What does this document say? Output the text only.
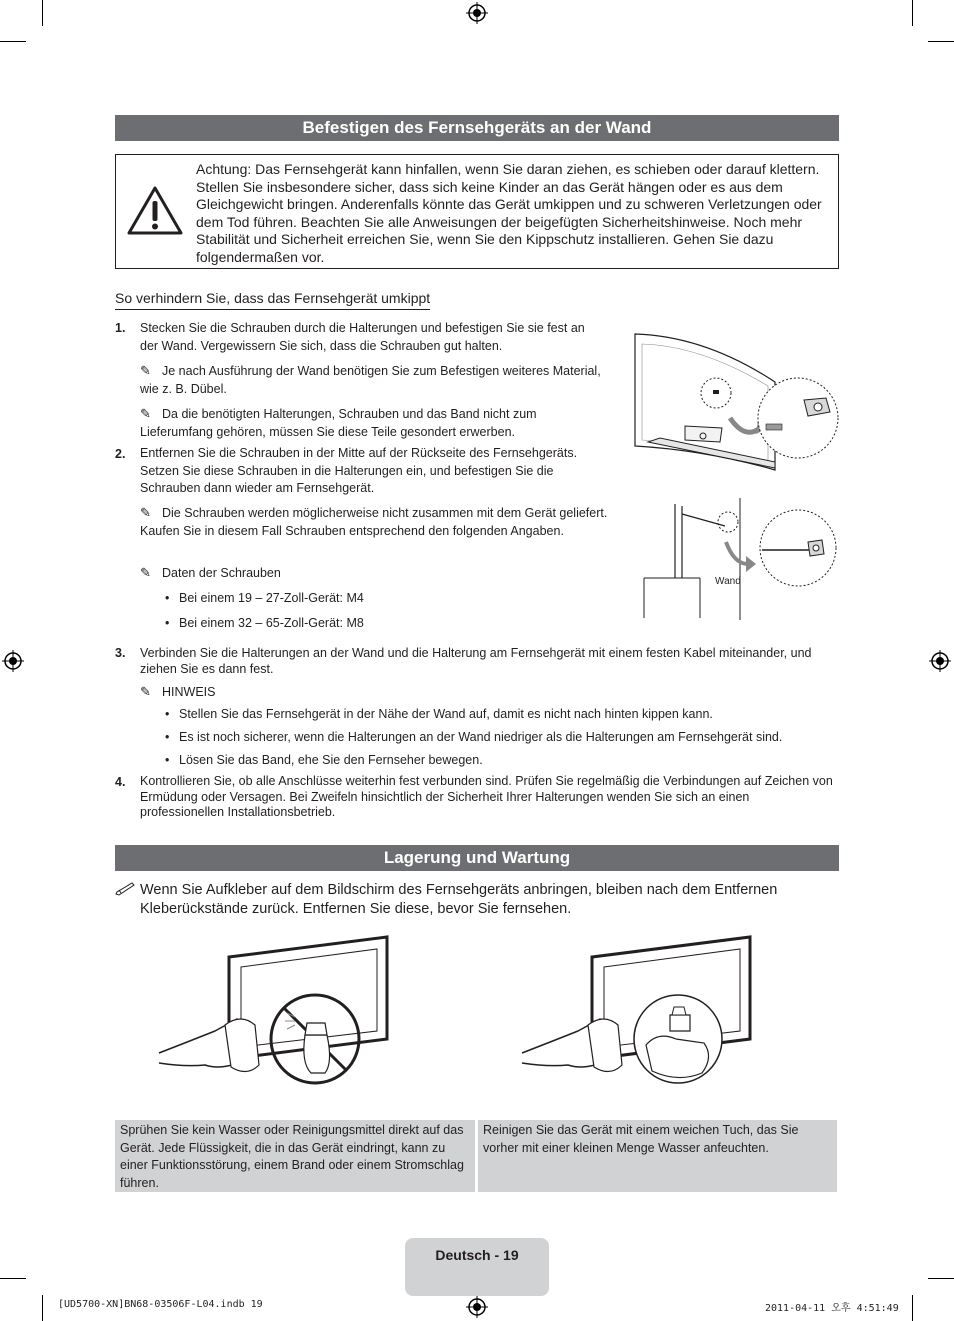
Befestigen des Fernsehgeräts an der Wand
Achtung: Das Fernsehgerät kann hinfallen, wenn Sie daran ziehen, es schieben oder darauf klettern. Stellen Sie insbesondere sicher, dass sich keine Kinder an das Gerät hängen oder es aus dem Gleichgewicht bringen. Anderenfalls könnte das Gerät umkippen und zu schweren Verletzungen oder dem Tod führen. Beachten Sie alle Anweisungen der beigefügten Sicherheitshinweise. Noch mehr Stabilität und Sicherheit erreichen Sie, wenn Sie den Kippschutz installieren. Gehen Sie dazu folgendermaßen vor.
So verhindern Sie, dass das Fernsehgerät umkippt
1. Stecken Sie die Schrauben durch die Halterungen und befestigen Sie sie fest an der Wand. Vergewissern Sie sich, dass die Schrauben gut halten.
✎ Je nach Ausführung der Wand benötigen Sie zum Befestigen weiteres Material, wie z. B. Dübel.
✎ Da die benötigten Halterungen, Schrauben und das Band nicht zum Lieferumfang gehören, müssen Sie diese Teile gesondert erwerben.
2. Entfernen Sie die Schrauben in der Mitte auf der Rückseite des Fernsehgeräts. Setzen Sie diese Schrauben in die Halterungen ein, und befestigen Sie die Schrauben dann wieder am Fernsehgerät.
✎ Die Schrauben werden möglicherweise nicht zusammen mit dem Gerät geliefert. Kaufen Sie in diesem Fall Schrauben entsprechend den folgenden Angaben.
✎ Daten der Schrauben
• Bei einem 19 – 27-Zoll-Gerät: M4
• Bei einem 32 – 65-Zoll-Gerät: M8
Wand
3. Verbinden Sie die Halterungen an der Wand und die Halterung am Fernsehgerät mit einem festen Kabel miteinander, und ziehen Sie es dann fest.
✎ HINWEIS
• Stellen Sie das Fernsehgerät in der Nähe der Wand auf, damit es nicht nach hinten kippen kann.
• Es ist noch sicherer, wenn die Halterungen an der Wand niedriger als die Halterungen am Fernsehgerät sind.
• Lösen Sie das Band, ehe Sie den Fernseher bewegen.
4. Kontrollieren Sie, ob alle Anschlüsse weiterhin fest verbunden sind. Prüfen Sie regelmäßig die Verbindungen auf Zeichen von Ermüdung oder Versagen. Bei Zweifeln hinsichtlich der Sicherheit Ihrer Halterungen wenden Sie sich an einen professionellen Installationsbetrieb.
Lagerung und Wartung
Wenn Sie Aufkleber auf dem Bildschirm des Fernsehgeräts anbringen, bleiben nach dem Entfernen Kleberückstände zurück. Entfernen Sie diese, bevor Sie fernsehen.
Sprühen Sie kein Wasser oder Reinigungsmittel direkt auf das Gerät. Jede Flüssigkeit, die in das Gerät eindringt, kann zu einer Funktionsstörung, einem Brand oder einem Stromschlag führen.
Reinigen Sie das Gerät mit einem weichen Tuch, das Sie vorher mit einer kleinen Menge Wasser anfeuchten.
Deutsch - 19
[UD5700-XN]BN68-03506F-L04.indb 19	2011-04-11 오후 4:51:49
